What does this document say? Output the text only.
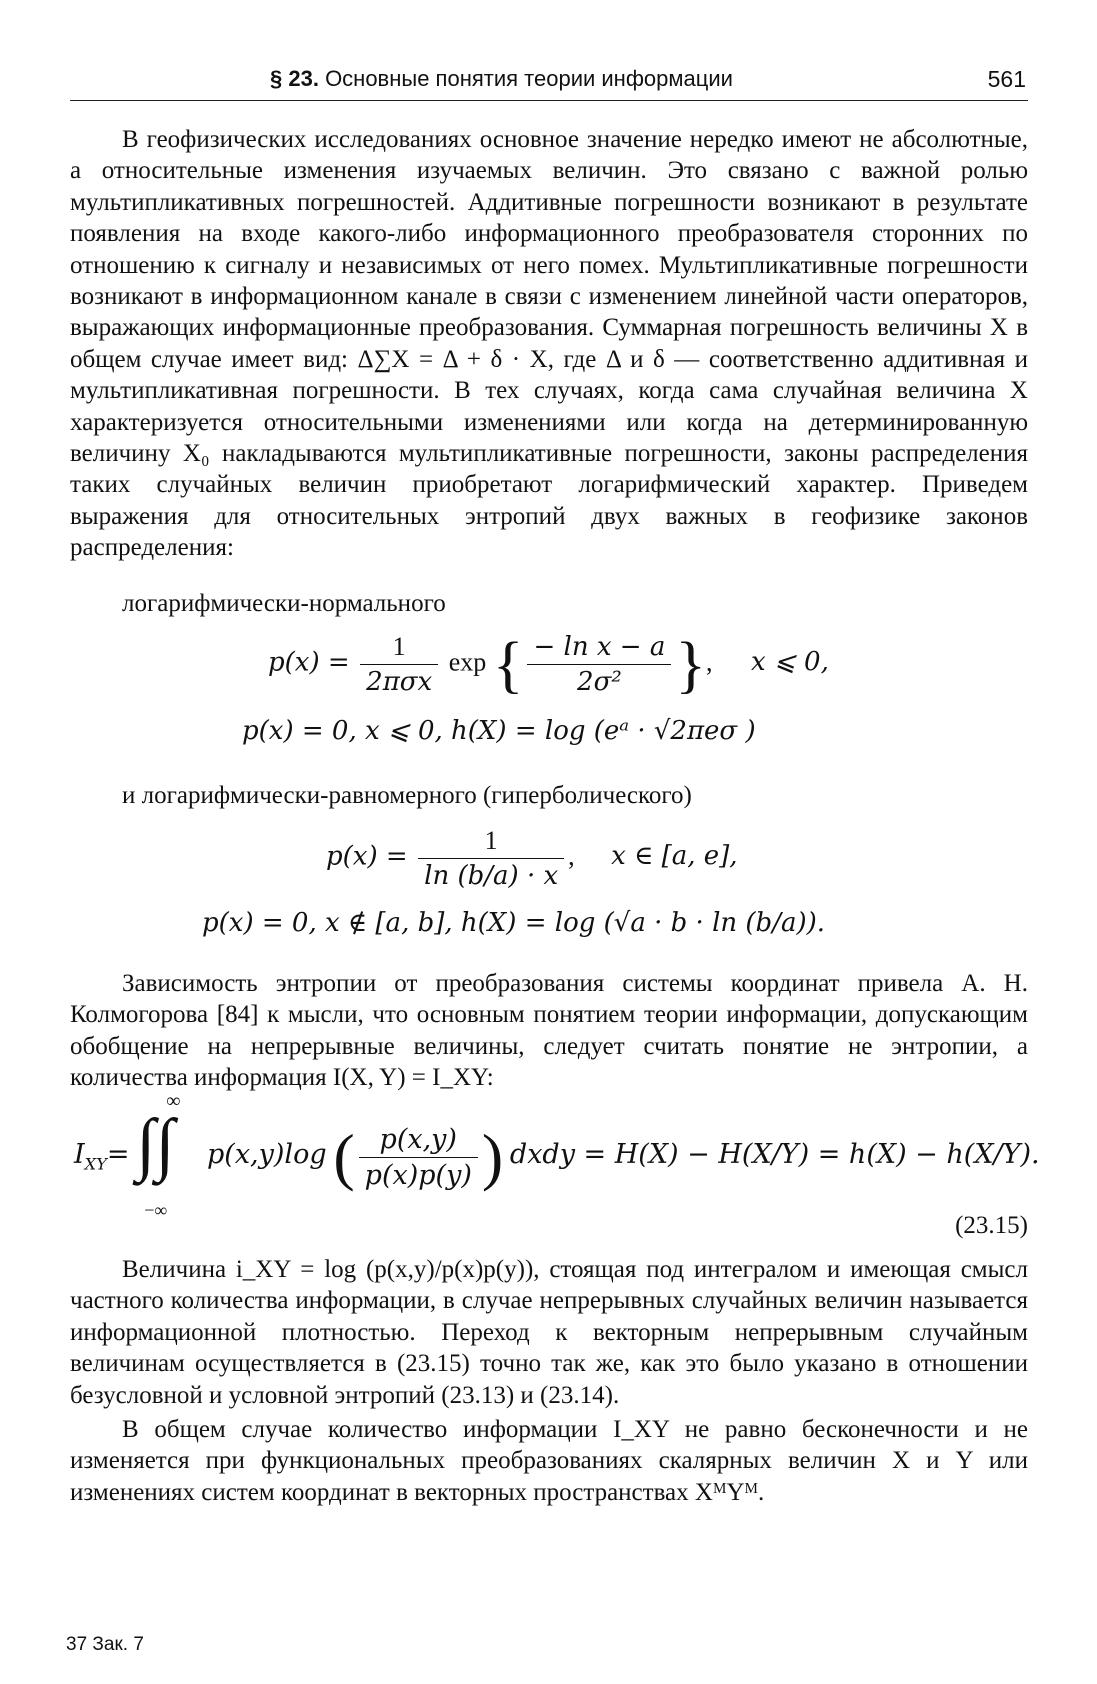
§ 23. Основные понятия теории информации	561

В геофизических исследованиях основное значение нередко имеют не абсолютные, а относительные изменения изучаемых величин. Это связано с важной ролью мультипликативных погрешностей. Аддитивные погрешности возникают в результате появления на входе какого-либо информационного преобразователя сторонних по отношению к сигналу и независимых от него помех. Мультипликативные погрешности возникают в информационном канале в связи с изменением линейной части операторов, выражающих информационные преобразования. Суммарная погрешность величины X в общем случае имеет вид: Δ∑X = Δ + δ · X, где Δ и δ — соответственно аддитивная и мультипликативная погрешности. В тех случаях, когда сама случайная величина X характеризуется относительными изменениями или когда на детерминированную величину X₀ накладываются мультипликативные погрешности, законы распределения таких случайных величин приобретают логарифмический характер. Приведем выражения для относительных энтропий двух важных в геофизике законов распределения:

логарифмически-нормального
$p(x) = \frac{1}{\text{2πσx}}$ exp { $\frac{\text{− ln x − a}}{\text{2σ²}}$ }, x ⩽ 0,
p(x) = 0, x ⩽ 0, h(X) = log (eᵃ · √2πeσ )
и логарифмически-равномерного (гиперболического)
$p(x) = \frac{1}{\ln (b/a) \cdot x}$ , x ∈ [a, e],
p(x) = 0, x ∉ [a, b], h(X) = log (√a · b · ln (b/a)).

Зависимость энтропии от преобразования системы координат привела А. Н. Колмогорова [84] к мысли, что основным понятием теории информации, допускающим обобщение на непрерывные величины, следует считать понятие не энтропии, а количества информация I(X, Y) = I_XY:

$I_{XY}=$
∞
∫∫
−∞
p(x,y)log ( $\frac{p(x,y)}{p(x)p(y)}$ ) dxdy = H(X) − H(X/Y) = h(X) − h(X/Y).
(23.15)

Величина i_XY = log (p(x,y)/p(x)p(y)), стоящая под интегралом и имеющая смысл частного количества информации, в случае непрерывных случайных величин называется информационной плотностью. Переход к векторным непрерывным случайным величинам осуществляется в (23.15) точно так же, как это было указано в отношении безусловной и условной энтропий (23.13) и (23.14).

В общем случае количество информации I_XY не равно бесконечности и не изменяется при функциональных преобразованиях скалярных величин X и Y или изменениях систем координат в векторных пространствах XᴹYᴹ.

37 Зак. 7
